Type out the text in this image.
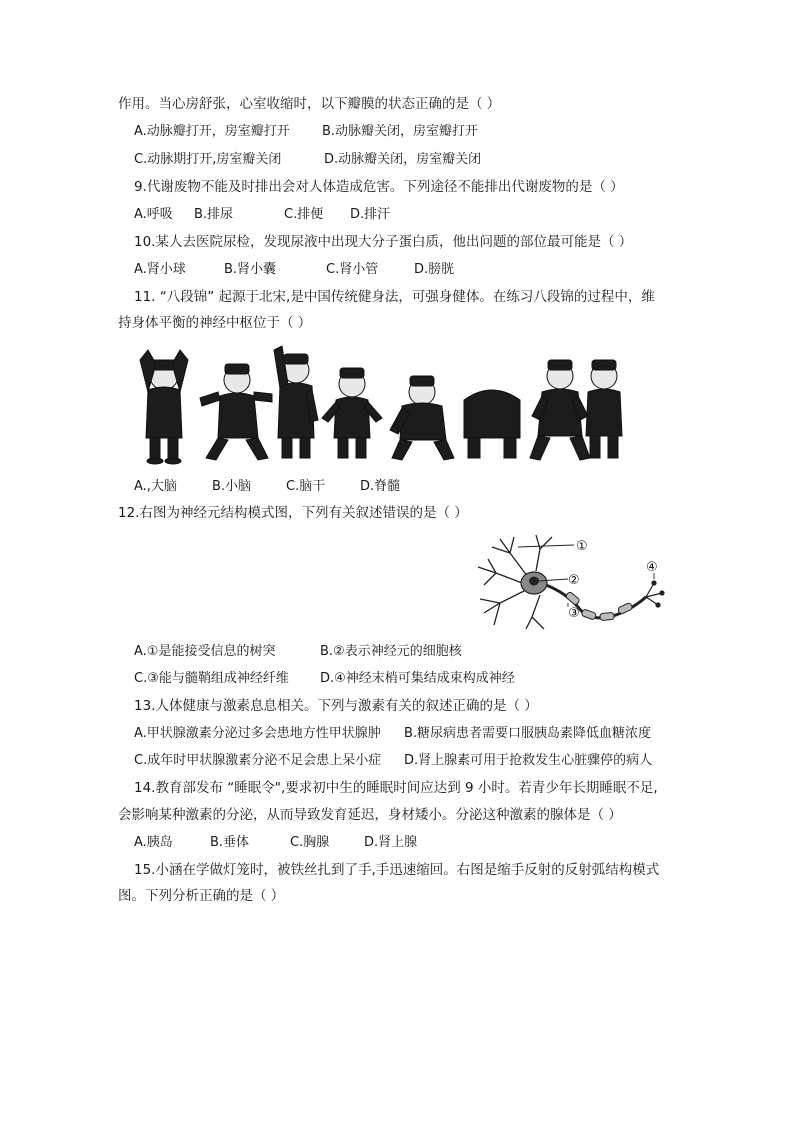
作用。当心房舒张，心室收缩时，以下瓣膜的状态正确的是（ ）
A.动脉瓣打开，房室瓣打开 B.动脉瓣关闭，房室瓣打开
C.动脉期打开,房室瓣关闭	D.动脉瓣关闭，房室瓣关闭
9.代谢废物不能及时排出会对人体造成危害。下列途径不能排出代谢废物的是（ ）
A.呼吸 B.排尿	C.排便 D.排汗
10.某人去医院尿检，发现尿液中出现大分子蛋白质，他出问题的部位最可能是（ ）
A.肾小球	B.肾小囊	C.肾小管	D.膀胱
11. “八段锦” 起源于北宋,是中国传统健身法，可强身健体。在练习八段锦的过程中，维
持身体平衡的神经中枢位于（ ）
A.,大脑	B.小脑	C.脑干	D.脊髓
12.右图为神经元结构模式图，下列有关叙述错误的是（ ）
①
②
③
④
A.①是能接受信息的树突	B.②表示神经元的细胞核
C.③能与髓鞘组成神经纤维 D.④神经末梢可集结成束构成神经
13.人体健康与激素息息相关。下列与激素有关的叙述正确的是（ ）
A.甲状腺激素分泌过多会患地方性甲状腺肿 B.糖尿病患者需要口服胰岛素降低血糖浓度
C.成年时甲状腺激素分泌不足会患上呆小症 D.肾上腺素可用于抢救发生心脏骤停的病人
14.教育部发布 “睡眠令",要求初中生的睡眠时间应达到 9 小时。若青少年长期睡眠不足,
会影响某种激素的分泌，从而导致发育延迟，身材矮小。分泌这种激素的腺体是（ ）
A.胰岛	B.垂体	C.胸腺	D.肾上腺
15.小涵在学做灯笼时，被铁丝扎到了手,手迅速缩回。右图是缩手反射的反射弧结构模式
图。下列分析正确的是（ ）
